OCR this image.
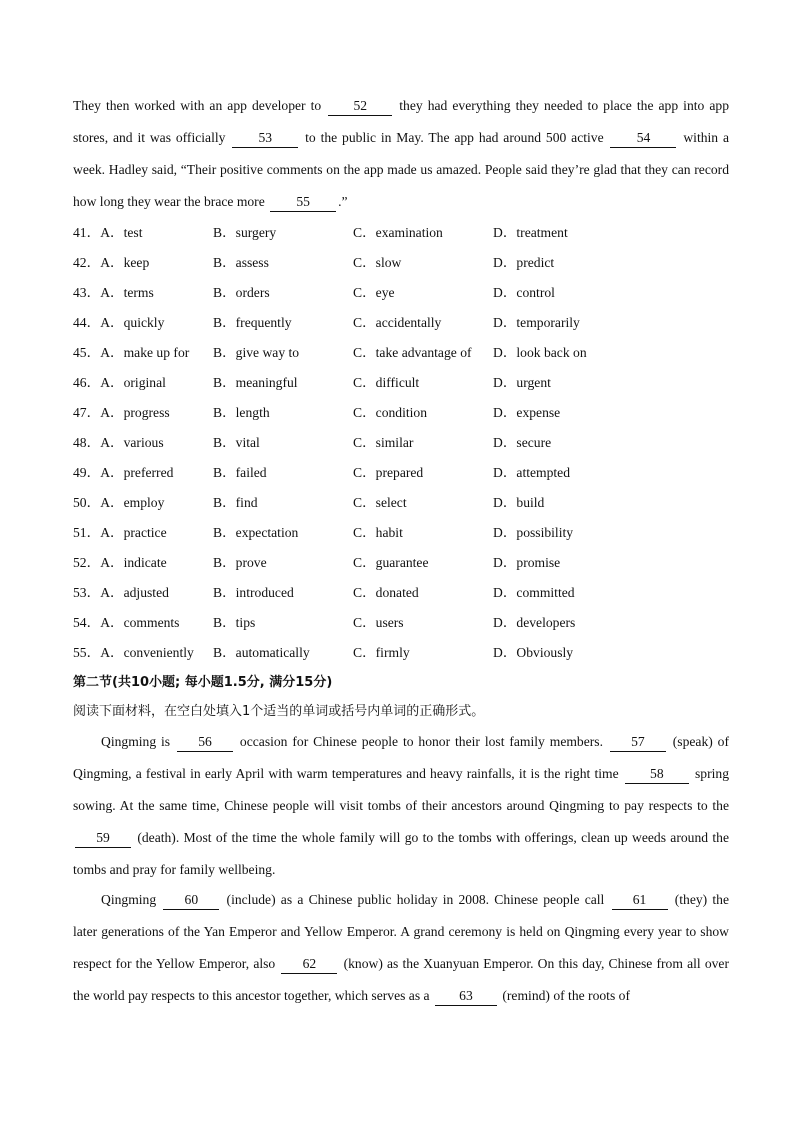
They then worked with an app developer to 52 they had everything they needed to place the app into app stores, and it was officially 53 to the public in May. The app had around 500 active 54 within a week. Hadley said, “Their positive comments on the app made us amazed. People said they’re glad that they can record how long they wear the brace more 55 .”

41．A．test	B．surgery	C．examination	D．treatment
42．A．keep	B．assess	C．slow	D．predict
43．A．terms	B．orders	C．eye	D．control
44．A．quickly	B．frequently	C．accidentally	D．temporarily
45．A．make up for	B．give way to	C．take advantage of	D．look back on
46．A．original	B．meaningful	C．difficult	D．urgent
47．A．progress	B．length	C．condition	D．expense
48．A．various	B．vital	C．similar	D．secure
49．A．preferred	B．failed	C．prepared	D．attempted
50．A．employ	B．find	C．select	D．build
51．A．practice	B．expectation	C．habit	D．possibility
52．A．indicate	B．prove	C．guarantee	D．promise
53．A．adjusted	B．introduced	C．donated	D．committed
54．A．comments	B．tips	C．users	D．developers
55．A．conveniently	B．automatically	C．firmly	D．Obviously
第二节(共10小题; 每小题1.5分, 满分15分)
阅读下面材料，在空白处填入1个适当的单词或括号内单词的正确形式。

Qingming is 56 occasion for Chinese people to honor their lost family members. 57 (speak) of Qingming, a festival in early April with warm temperatures and heavy rainfalls, it is the right time 58 spring sowing. At the same time, Chinese people will visit tombs of their ancestors around Qingming to pay respects to the 59 (death). Most of the time the whole family will go to the tombs with offerings, clean up weeds around the tombs and pray for family wellbeing.

Qingming 60 (include) as a Chinese public holiday in 2008. Chinese people call 61 (they) the later generations of the Yan Emperor and Yellow Emperor. A grand ceremony is held on Qingming every year to show respect for the Yellow Emperor, also 62 (know) as the Xuanyuan Emperor. On this day, Chinese from all over the world pay respects to this ancestor together, which serves as a 63 (remind) of the roots of
